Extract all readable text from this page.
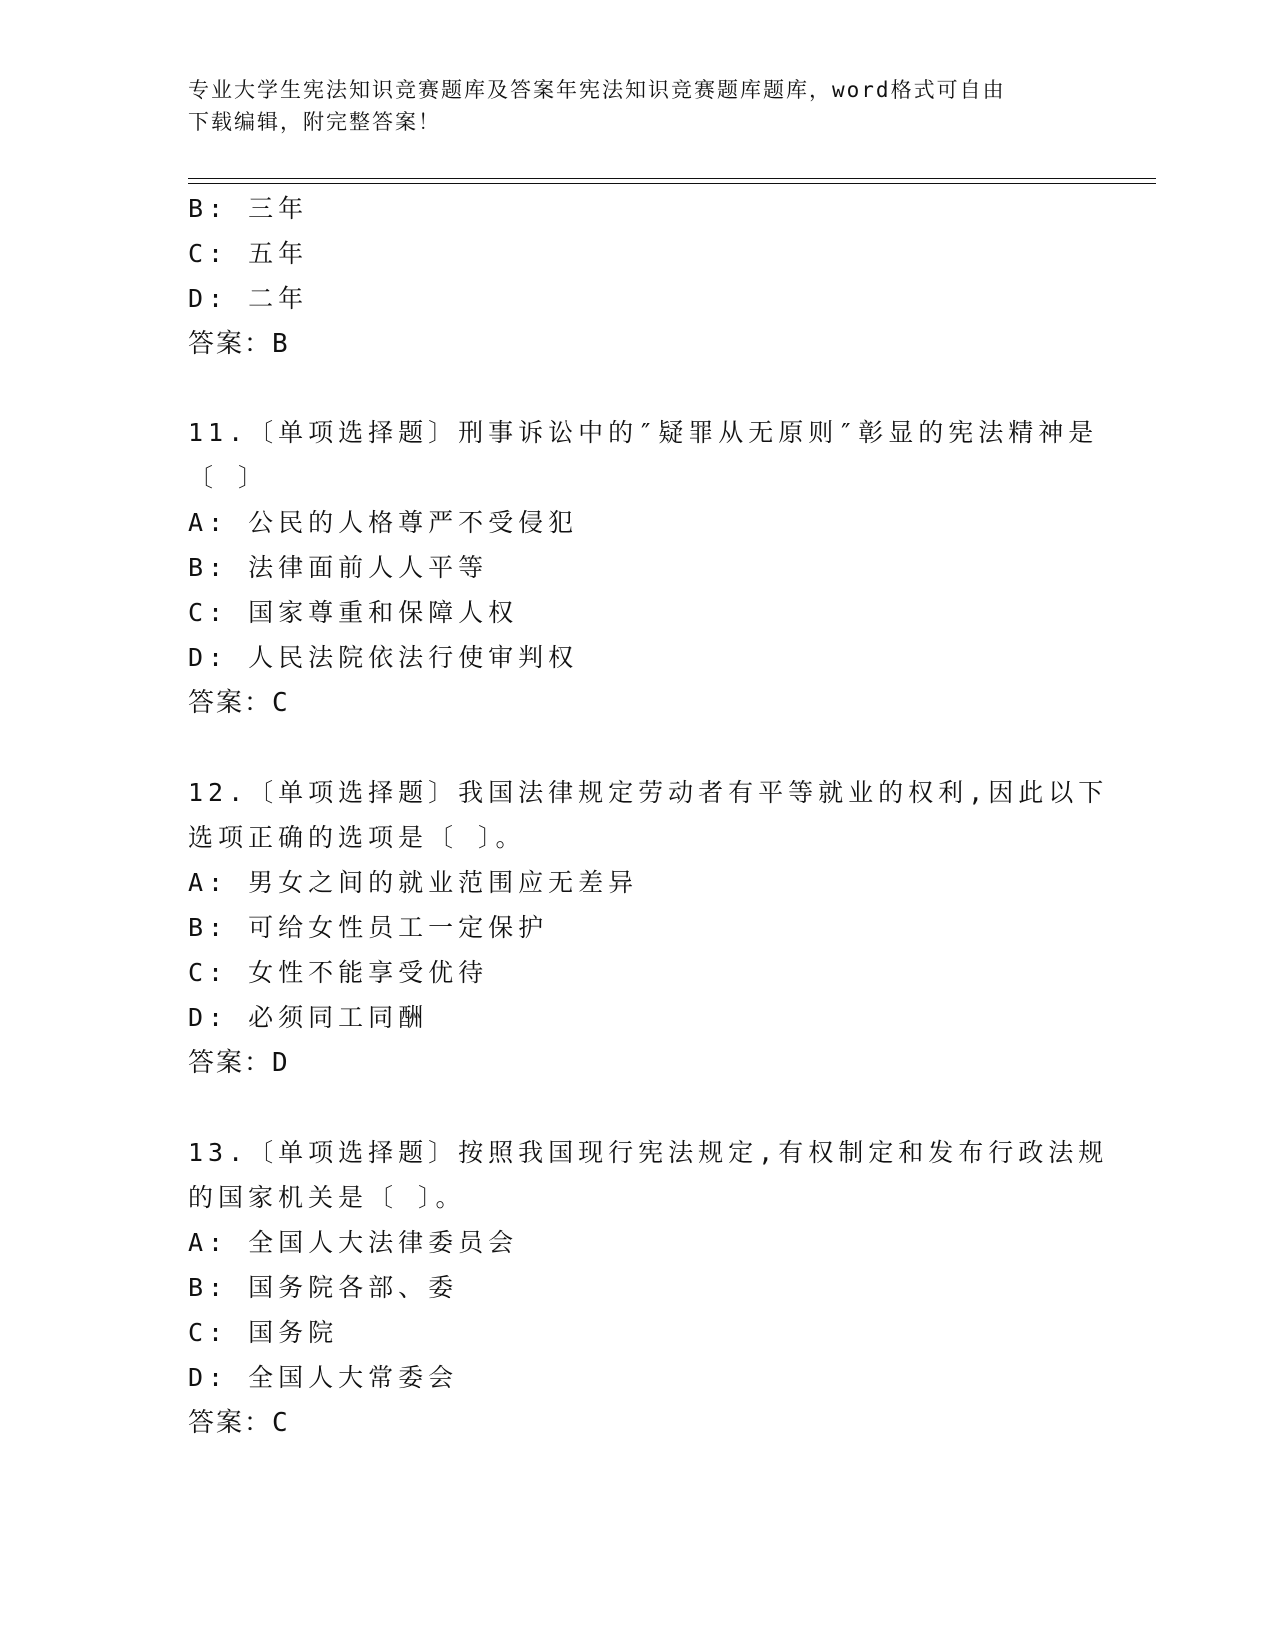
专业大学生宪法知识竞赛题库及答案年宪法知识竞赛题库题库，word格式可自由
下载编辑，附完整答案！
B: 三年
C: 五年
D: 二年
答案：B
11.〔单项选择题〕刑事诉讼中的″疑罪从无原则″彰显的宪法精神是
〔 〕
A: 公民的人格尊严不受侵犯
B: 法律面前人人平等
C: 国家尊重和保障人权
D: 人民法院依法行使审判权
答案：C
12.〔单项选择题〕我国法律规定劳动者有平等就业的权利,因此以下
选项正确的选项是〔 〕。
A: 男女之间的就业范围应无差异
B: 可给女性员工一定保护
C: 女性不能享受优待
D: 必须同工同酬
答案：D
13.〔单项选择题〕按照我国现行宪法规定,有权制定和发布行政法规
的国家机关是〔 〕。
A: 全国人大法律委员会
B: 国务院各部、委
C: 国务院
D: 全国人大常委会
答案：C
